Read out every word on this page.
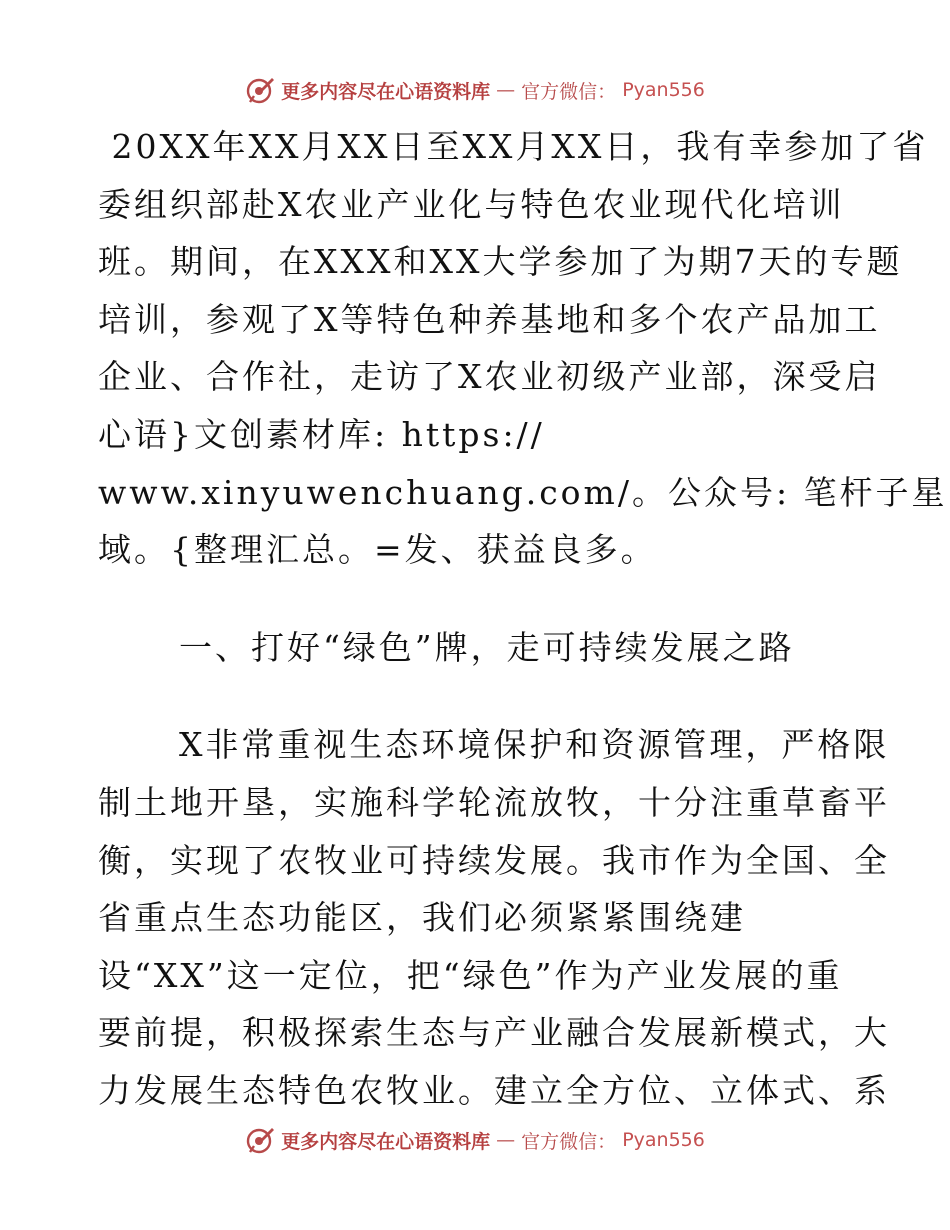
更多内容尽在心语资料库 — 官方微信： Pyan556
20XX年XX月XX日至XX月XX日，我有幸参加了省
委组织部赴X农业产业化与特色农业现代化培训
班。期间，在XXX和XX大学参加了为期7天的专题
培训，参观了X等特色种养基地和多个农产品加工
企业、合作社，走访了X农业初级产业部，深受启
心语}文创素材库: https://
www.xinyuwenchuang.com/。公众号: 笔杆子星
域。{整理汇总。=发、获益良多。
一、打好“绿色”牌，走可持续发展之路
X非常重视生态环境保护和资源管理，严格限
制土地开垦，实施科学轮流放牧，十分注重草畜平
衡，实现了农牧业可持续发展。我市作为全国、全
省重点生态功能区，我们必须紧紧围绕建
设“XX”这一定位，把“绿色”作为产业发展的重
要前提，积极探索生态与产业融合发展新模式，大
力发展生态特色农牧业。建立全方位、立体式、系
更多内容尽在心语资料库 — 官方微信： Pyan556
